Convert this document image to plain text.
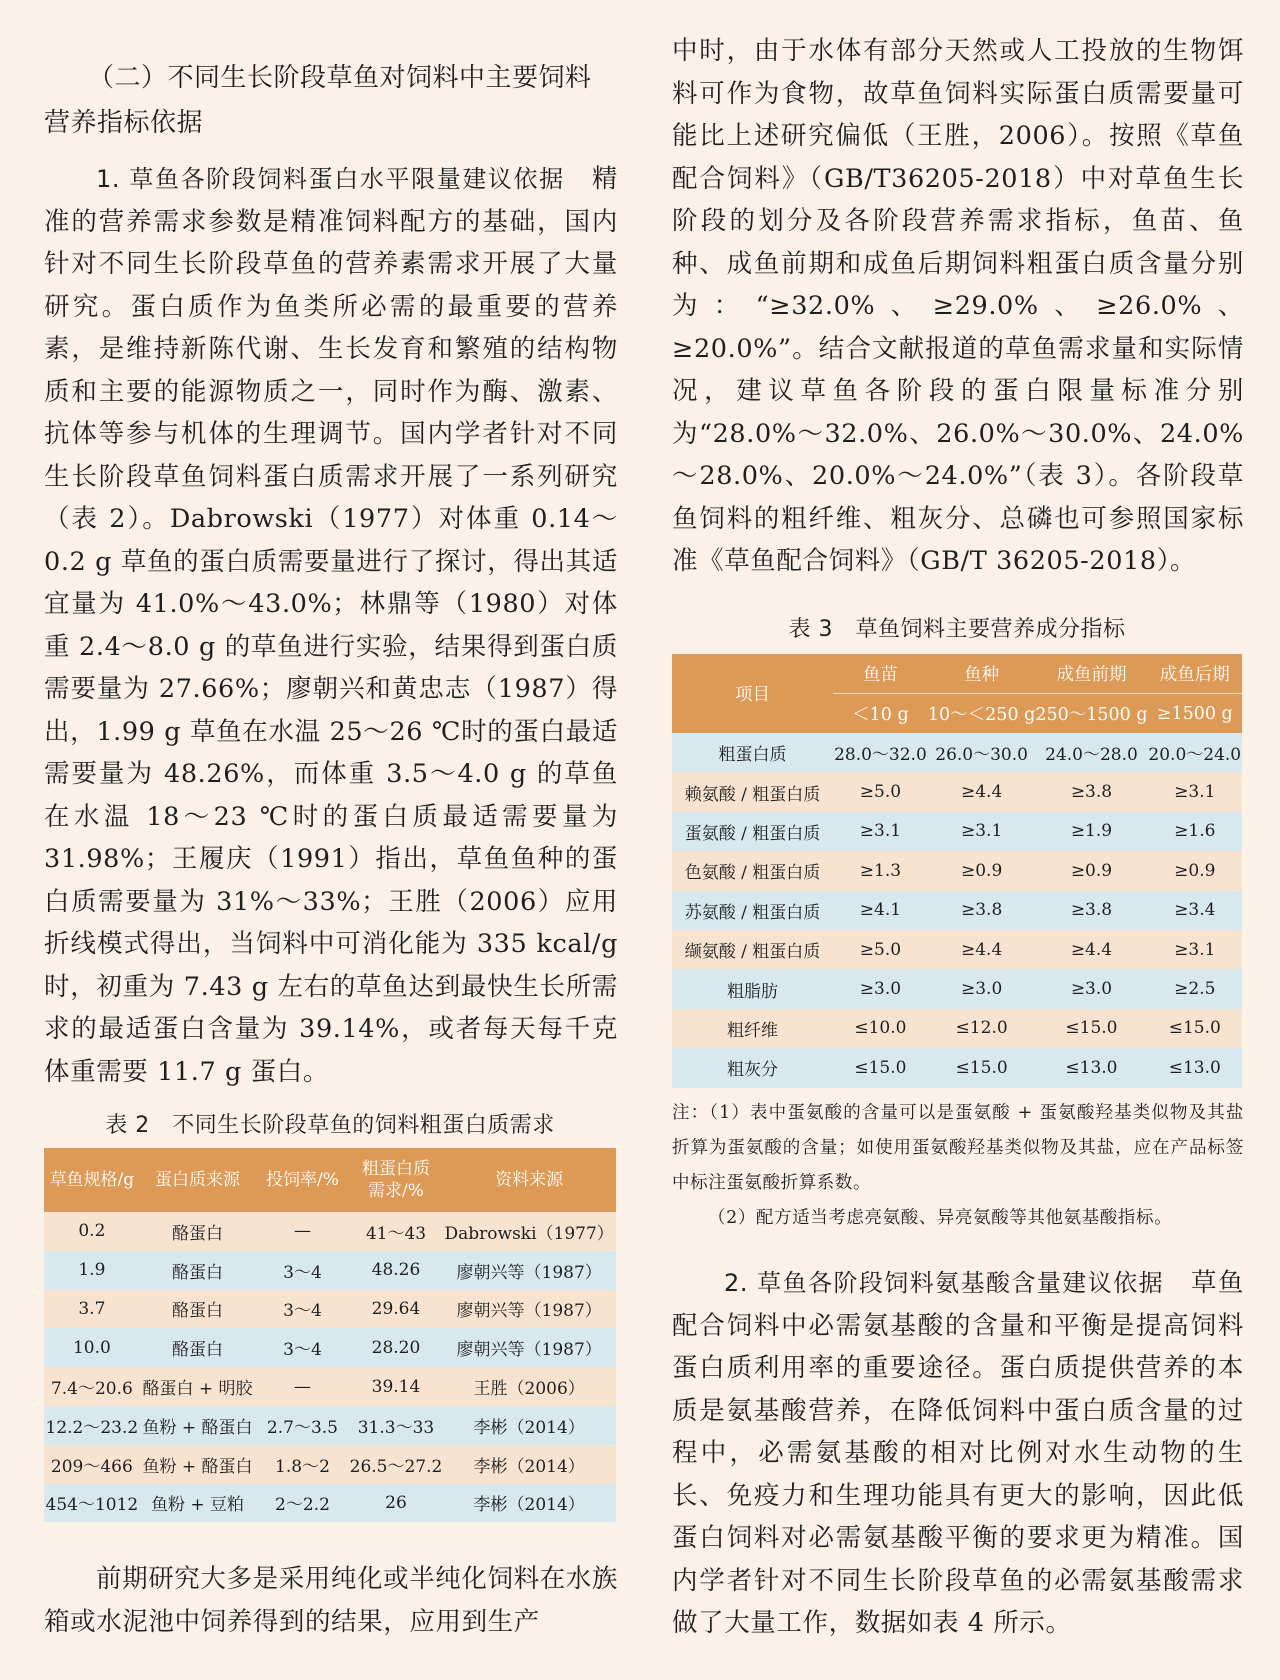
（二）不同生长阶段草鱼对饲料中主要饲料
营养指标依据

1. 草鱼各阶段饲料蛋白水平限量建议依据　精准的营养需求参数是精准饲料配方的基础，国内针对不同生长阶段草鱼的营养素需求开展了大量研究。蛋白质作为鱼类所必需的最重要的营养素，是维持新陈代谢、生长发育和繁殖的结构物质和主要的能源物质之一，同时作为酶、激素、抗体等参与机体的生理调节。国内学者针对不同生长阶段草鱼饲料蛋白质需求开展了一系列研究（表 2）。Dabrowski（1977）对体重 0.14～0.2 g 草鱼的蛋白质需要量进行了探讨，得出其适宜量为 41.0%～43.0%；林鼎等（1980）对体重 2.4～8.0 g 的草鱼进行实验，结果得到蛋白质需要量为 27.66%；廖朝兴和黄忠志（1987）得出，1.99 g 草鱼在水温 25～26 ℃时的蛋白最适需要量为 48.26%，而体重 3.5～4.0 g 的草鱼在水温 18～23 ℃时的蛋白质最适需要量为 31.98%；王履庆（1991）指出，草鱼鱼种的蛋白质需要量为 31%～33%；王胜（2006）应用折线模式得出，当饲料中可消化能为 335 kcal/g 时，初重为 7.43 g 左右的草鱼达到最快生长所需求的最适蛋白含量为 39.14%，或者每天每千克体重需要 11.7 g 蛋白。

表 2　不同生长阶段草鱼的饲料粗蛋白质需求
草鱼规格/g	蛋白质来源	投饲率/%	粗蛋白质需求/%	资料来源
0.2	酪蛋白	—	41～43	Dabrowski（1977）
1.9	酪蛋白	3～4	48.26	廖朝兴等（1987）
3.7	酪蛋白	3～4	29.64	廖朝兴等（1987）
10.0	酪蛋白	3～4	28.20	廖朝兴等（1987）
7.4～20.6	酪蛋白 + 明胶	—	39.14	王胜（2006）
12.2～23.2	鱼粉 + 酪蛋白	2.7～3.5	31.3～33	李彬（2014）
209～466	鱼粉 + 酪蛋白	1.8～2	26.5～27.2	李彬（2014）
454～1012	鱼粉 + 豆粕	2～2.2	26	李彬（2014）

前期研究大多是采用纯化或半纯化饲料在水族箱或水泥池中饲养得到的结果，应用到生产

中时，由于水体有部分天然或人工投放的生物饵料可作为食物，故草鱼饲料实际蛋白质需要量可能比上述研究偏低（王胜，2006）。按照《草鱼配合饲料》（GB/T36205-2018）中对草鱼生长阶段的划分及各阶段营养需求指标，鱼苗、鱼种、成鱼前期和成鱼后期饲料粗蛋白质含量分别为：“≥32.0%、≥29.0%、≥26.0%、≥20.0%”。结合文献报道的草鱼需求量和实际情况，建议草鱼各阶段的蛋白限量标准分别为“28.0%～32.0%、26.0%～30.0%、24.0%～28.0%、20.0%～24.0%”（表 3）。各阶段草鱼饲料的粗纤维、粗灰分、总磷也可参照国家标准《草鱼配合饲料》（GB/T 36205-2018）。

表 3　草鱼饲料主要营养成分指标
项目	鱼苗	鱼种	成鱼前期	成鱼后期
	＜10 g	10～＜250 g	250～1500 g	≥1500 g
粗蛋白质	28.0～32.0	26.0～30.0	24.0～28.0	20.0～24.0
赖氨酸 / 粗蛋白质	≥5.0	≥4.4	≥3.8	≥3.1
蛋氨酸 / 粗蛋白质	≥3.1	≥3.1	≥1.9	≥1.6
色氨酸 / 粗蛋白质	≥1.3	≥0.9	≥0.9	≥0.9
苏氨酸 / 粗蛋白质	≥4.1	≥3.8	≥3.8	≥3.4
缬氨酸 / 粗蛋白质	≥5.0	≥4.4	≥4.4	≥3.1
粗脂肪	≥3.0	≥3.0	≥3.0	≥2.5
粗纤维	≤10.0	≤12.0	≤15.0	≤15.0
粗灰分	≤15.0	≤15.0	≤13.0	≤13.0

注：（1）表中蛋氨酸的含量可以是蛋氨酸 + 蛋氨酸羟基类似物及其盐折算为蛋氨酸的含量；如使用蛋氨酸羟基类似物及其盐，应在产品标签中标注蛋氨酸折算系数。

（2）配方适当考虑亮氨酸、异亮氨酸等其他氨基酸指标。

2. 草鱼各阶段饲料氨基酸含量建议依据　草鱼配合饲料中必需氨基酸的含量和平衡是提高饲料蛋白质利用率的重要途径。蛋白质提供营养的本质是氨基酸营养，在降低饲料中蛋白质含量的过程中，必需氨基酸的相对比例对水生动物的生长、免疫力和生理功能具有更大的影响，因此低蛋白饲料对必需氨基酸平衡的要求更为精准。国内学者针对不同生长阶段草鱼的必需氨基酸需求做了大量工作，数据如表 4 所示。
